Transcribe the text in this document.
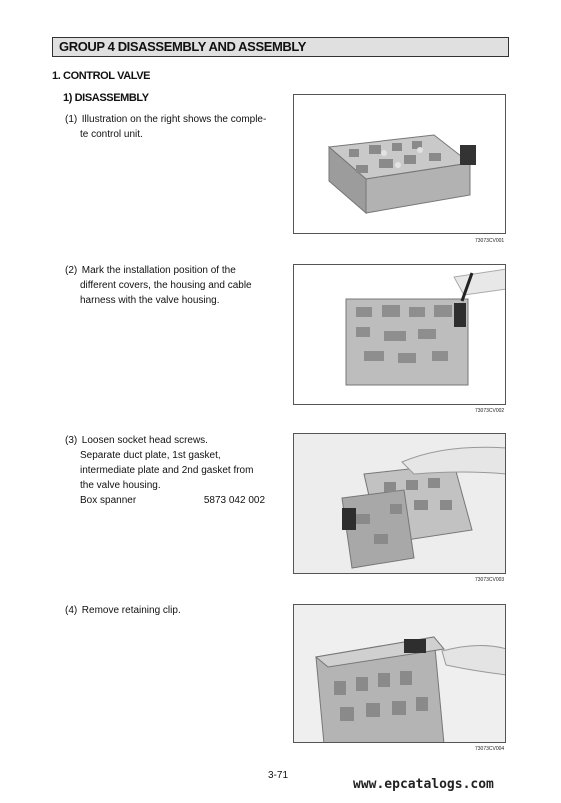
GROUP 4 DISASSEMBLY AND ASSEMBLY
1. CONTROL VALVE
1) DISASSEMBLY
(1) Illustration on the right shows the comple-
te control unit.
73073CV001
(2) Mark the installation position of the
different covers, the housing and cable
harness with the valve housing.
73073CV002
(3) Loosen socket head screws.
Separate duct plate, 1st gasket,
intermediate plate and 2nd gasket from
the valve housing.
Box spanner	5873 042 002
73073CV003
(4) Remove retaining clip.
73073CV004
3-71
www.epcatalogs.com
